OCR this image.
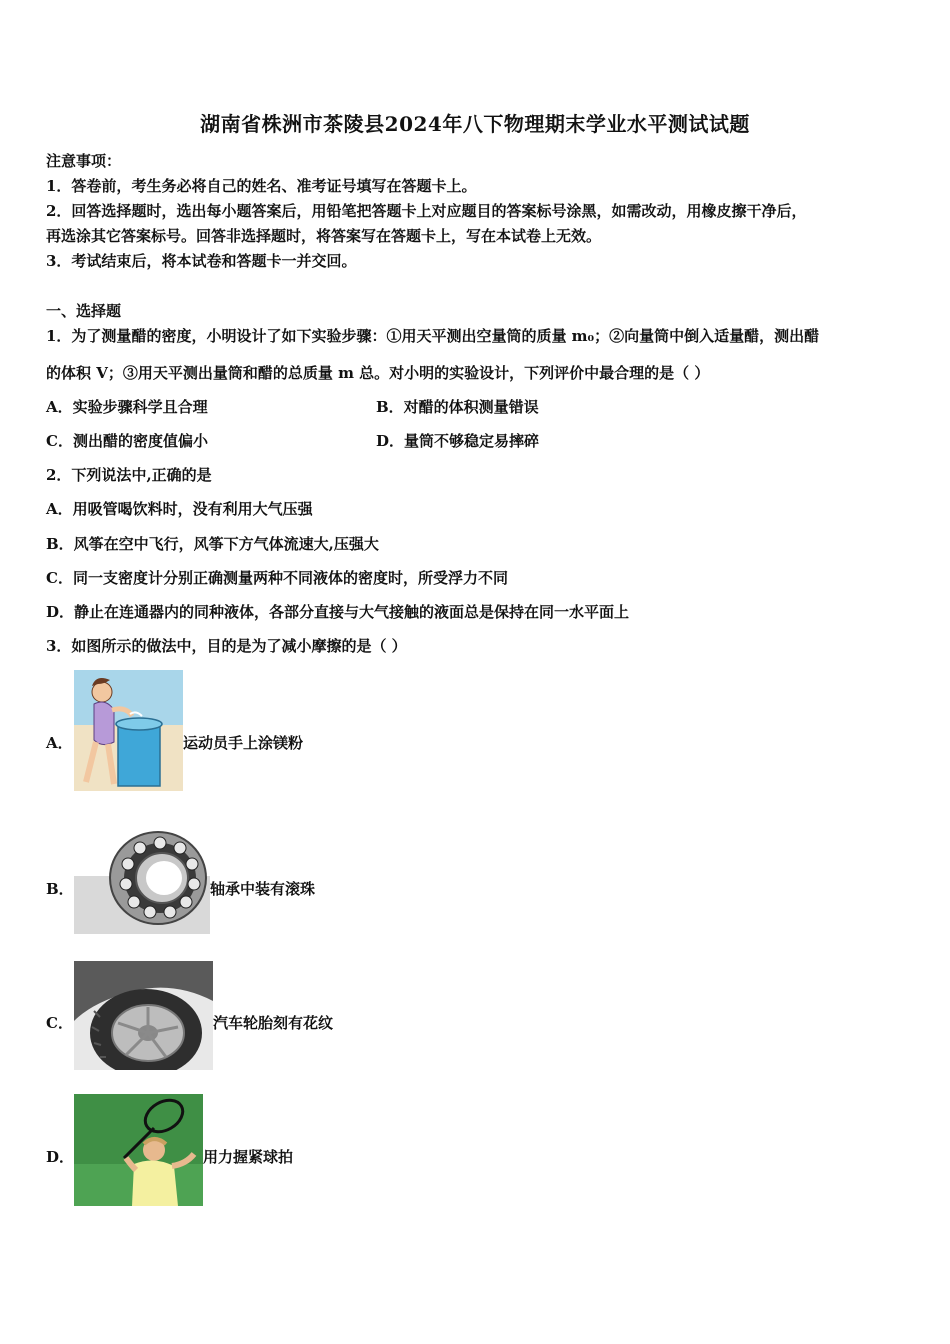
湖南省株洲市茶陵县2024年八下物理期末学业水平测试试题
注意事项：
1．答卷前，考生务必将自己的姓名、准考证号填写在答题卡上。
2．回答选择题时，选出每小题答案后，用铅笔把答题卡上对应题目的答案标号涂黑，如需改动，用橡皮擦干净后，
再选涂其它答案标号。回答非选择题时，将答案写在答题卡上，写在本试卷上无效。
3．考试结束后，将本试卷和答题卡一并交回。
一、选择题
1．为了测量醋的密度，小明设计了如下实验步骤：①用天平测出空量筒的质量 m₀；②向量筒中倒入适量醋，测出醋
的体积 V；③用天平测出量筒和醋的总质量 m 总。对小明的实验设计，下列评价中最合理的是（ ）
A．实验步骤科学且合理	B．对醋的体积测量错误
C．测出醋的密度值偏小	D．量筒不够稳定易摔碎
2．下列说法中,正确的是
A．用吸管喝饮料时，没有利用大气压强
B．风筝在空中飞行，风筝下方气体流速大,压强大
C．同一支密度计分别正确测量两种不同液体的密度时，所受浮力不同
D．静止在连通器内的同种液体，各部分直接与大气接触的液面总是保持在同一水平面上
3．如图所示的做法中，目的是为了减小摩擦的是（ ）
A．	运动员手上涂镁粉
B．	轴承中装有滚珠
C．	汽车轮胎刻有花纹
D．	用力握紧球拍
